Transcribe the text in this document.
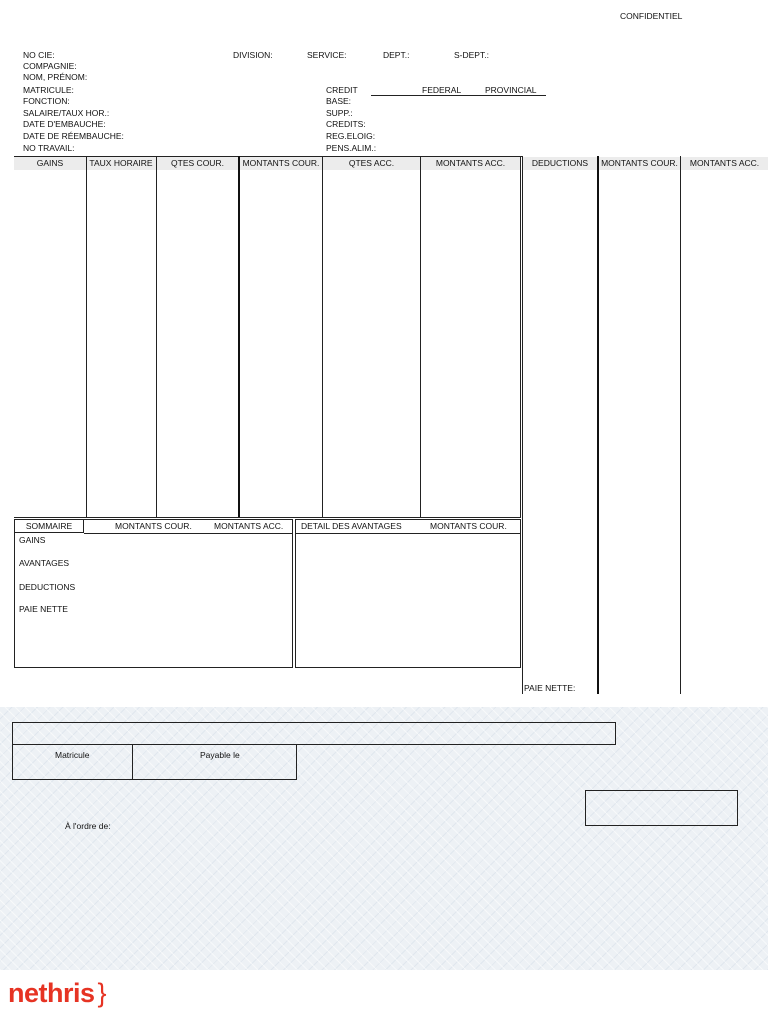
CONFIDENTIEL
NO CIE:
COMPAGNIE:
NOM, PRÉNOM:
MATRICULE:
FONCTION:
SALAIRE/TAUX HOR.:
DATE D'EMBAUCHE:
DATE DE RÉEMBAUCHE:
NO TRAVAIL:
DIVISION:	SERVICE:	DEPT.:	S-DEPT.:
CREDIT	FEDERAL	PROVINCIAL
BASE:
SUPP.:
CREDITS:
REG.ELOIG:
PENS.ALIM.:
GAINS	TAUX HORAIRE	QTES COUR.	MONTANTS COUR.	QTES ACC.	MONTANTS ACC.	DEDUCTIONS	MONTANTS COUR.	MONTANTS ACC.
PAIE NETTE:
SOMMAIRE	MONTANTS COUR.	MONTANTS ACC.
GAINS
AVANTAGES
DEDUCTIONS
PAIE NETTE
DETAIL DES AVANTAGES	MONTANTS COUR.
Matricule	Payable le
À l'ordre de:
nethris }
